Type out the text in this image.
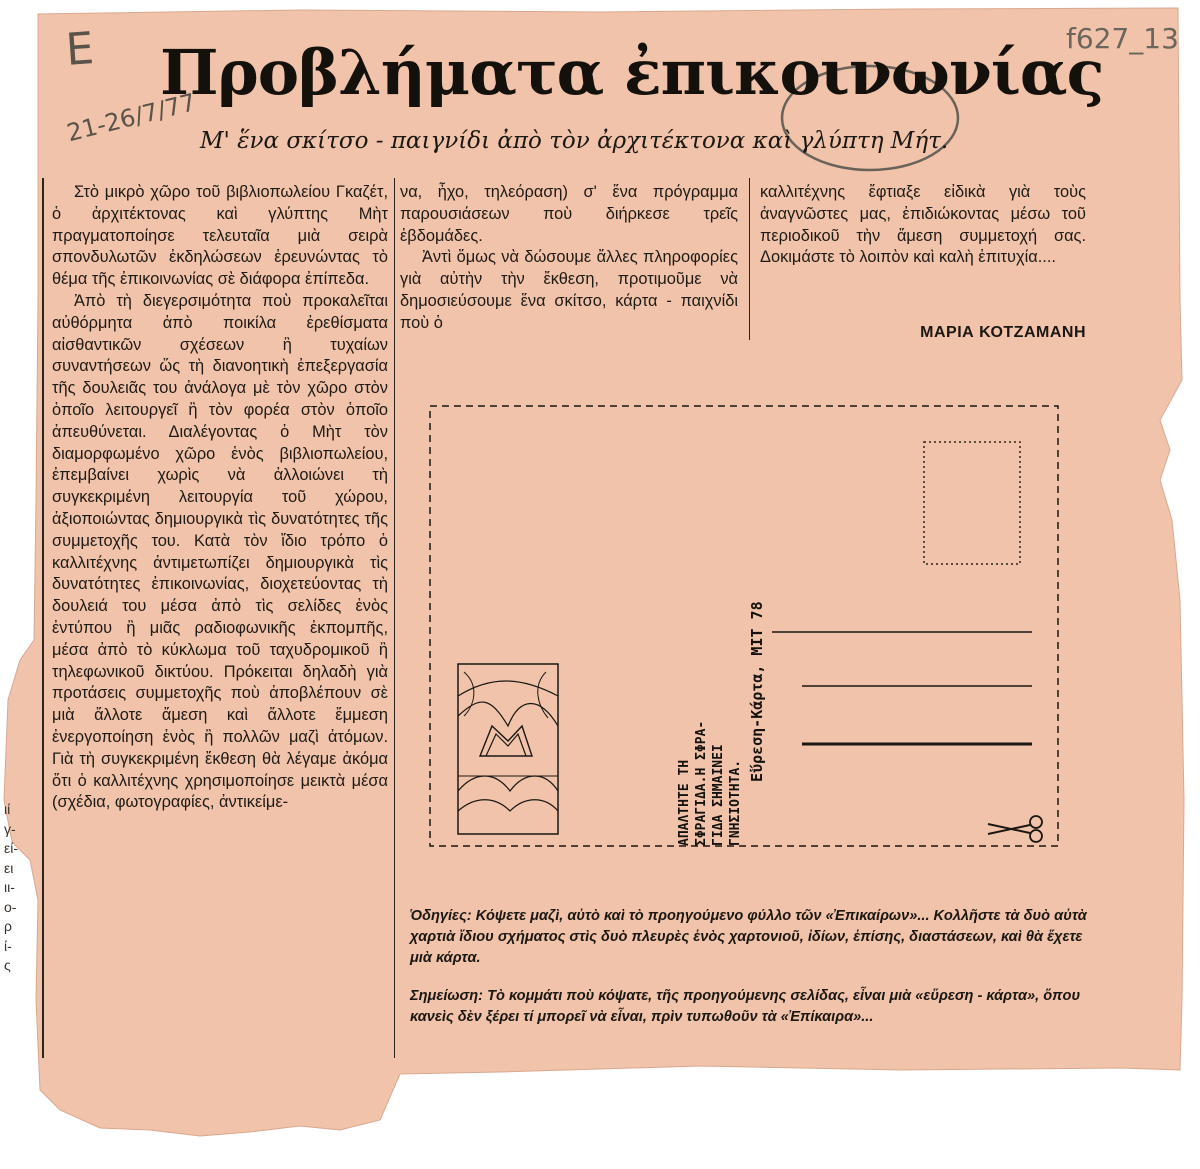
E
21-26/7/77
f627_13
Προβλήματα ἐπικοινωνίας
Μ' ἕνα σκίτσο - παιγνίδι ἀπὸ τὸν ἀρχιτέκτονα καὶ γλύπτη Μήτ.

Στὸ μικρὸ χῶρο τοῦ βιβλιοπωλείου Γκαζέτ, ὁ ἀρχιτέκτονας καὶ γλύπτης Μὴτ πραγματοποίησε τελευταῖα μιὰ σειρὰ σπονδυλωτῶν ἐκδηλώσεων ἐρευνώντας τὸ θέμα τῆς ἐπικοινωνίας σὲ διάφορα ἐπίπεδα.

Ἀπὸ τὴ διεγερσιμότητα ποὺ προκαλεῖται αὐθόρμητα ἀπὸ ποικίλα ἐρεθίσματα αἰσθαντικῶν σχέσεων ἢ τυχαίων συναντήσεων ὥς τὴ διανοητικὴ ἐπεξεργασία τῆς δουλειᾶς του ἀνάλογα μὲ τὸν χῶρο στὸν ὁποῖο λειτουργεῖ ἢ τὸν φορέα στὸν ὁποῖο ἀπευθύνεται. Διαλέγοντας ὁ Μὴτ τὸν διαμορφωμένο χῶρο ἑνὸς βιβλιοπωλείου, ἐπεμβαίνει χωρὶς νὰ ἀλλοιώνει τὴ συγκεκριμένη λειτουργία τοῦ χώρου, ἀξιοποιώντας δημιουργικὰ τὶς δυνατότητες τῆς συμμετοχῆς του. Κατὰ τὸν ἴδιο τρόπο ὁ καλλιτέχνης ἀντιμετωπίζει δημιουργικὰ τὶς δυνατότητες ἐπικοινωνίας, διοχετεύοντας τὴ δουλειά του μέσα ἀπὸ τὶς σελίδες ἑνὸς ἐντύπου ἢ μιᾶς ραδιοφωνικῆς ἐκπομπῆς, μέσα ἀπὸ τὸ κύκλωμα τοῦ ταχυδρομικοῦ ἢ τηλεφωνικοῦ δικτύου. Πρόκειται δηλαδὴ γιὰ προτάσεις συμμετοχῆς ποὺ ἀποβλέπουν σὲ μιὰ ἄλλοτε ἄμεση καὶ ἄλλοτε ἔμμεση ἐνεργοποίηση ἑνὸς ἢ πολλῶν μαζὶ ἀτόμων. Γιὰ τὴ συγκεκριμένη ἔκθεση θὰ λέγαμε ἀκόμα ὅτι ὁ καλλιτέχνης χρησιμοποίησε μεικτὰ μέσα (σχέδια, φωτογραφίες, ἀντικείμε-

να, ἦχο, τηλεόραση) σ' ἕνα πρόγραμμα παρουσιάσεων ποὺ διήρκεσε τρεῖς ἑβδομάδες.

Ἀντὶ ὅμως νὰ δώσουμε ἄλλες πληροφορίες γιὰ αὐτὴν τὴν ἔκθεση, προτιμοῦμε νὰ δημοσιεύσουμε ἕνα σκίτσο, κάρτα - παιχνίδι ποὺ ὁ

καλλιτέχνης ἔφτιαξε εἰδικὰ γιὰ τοὺς ἀναγνῶστες μας, ἐπιδιώκοντας μέσω τοῦ περιοδικοῦ τὴν ἄμεση συμμετοχή σας. Δοκιμάστε τὸ λοιπὸν καὶ καλὴ ἐπιτυχία....

ΜΑΡΙΑ ΚΟΤΖΑΜΑΝΗ
Εὕρεση-Κάρτα, ΜΙΤ 78
ΑΠΑΛΤΗΤΕ ΤΗ ΣΦΡΑΓΙΔΑ.Η ΣΦΡΑ- ΓΙΔΑ ΣΗΜΑΙΝΕΙ ΓΝΗΣΙΟΤΗΤΑ.
Ὁδηγίες: Κόψετε μαζὶ, αὐτὸ καὶ τὸ προηγούμενο φύλλο τῶν «Ἐπικαίρων»... Κολλῆστε τὰ δυὸ αὐτὰ χαρτιὰ ἴδιου σχήματος στὶς δυὸ πλευρὲς ἑνὸς χαρτονιοῦ, ἰδίων, ἐπίσης, διαστάσεων, καὶ θὰ ἔχετε μιὰ κάρτα.
Σημείωση: Τὸ κομμάτι ποὺ κόψατε, τῆς προηγούμενης σελίδας, εἶναι μιὰ «εὕρεση - κάρτα», ὅπου κανεὶς δὲν ξέρει τί μπορεῖ νὰ εἶναι, πρὶν τυπωθοῦν τὰ «Ἐπίκαιρα»...
ιί
γ-
εί-
ει
ιι-
ο-
ρ
ί-
ς
